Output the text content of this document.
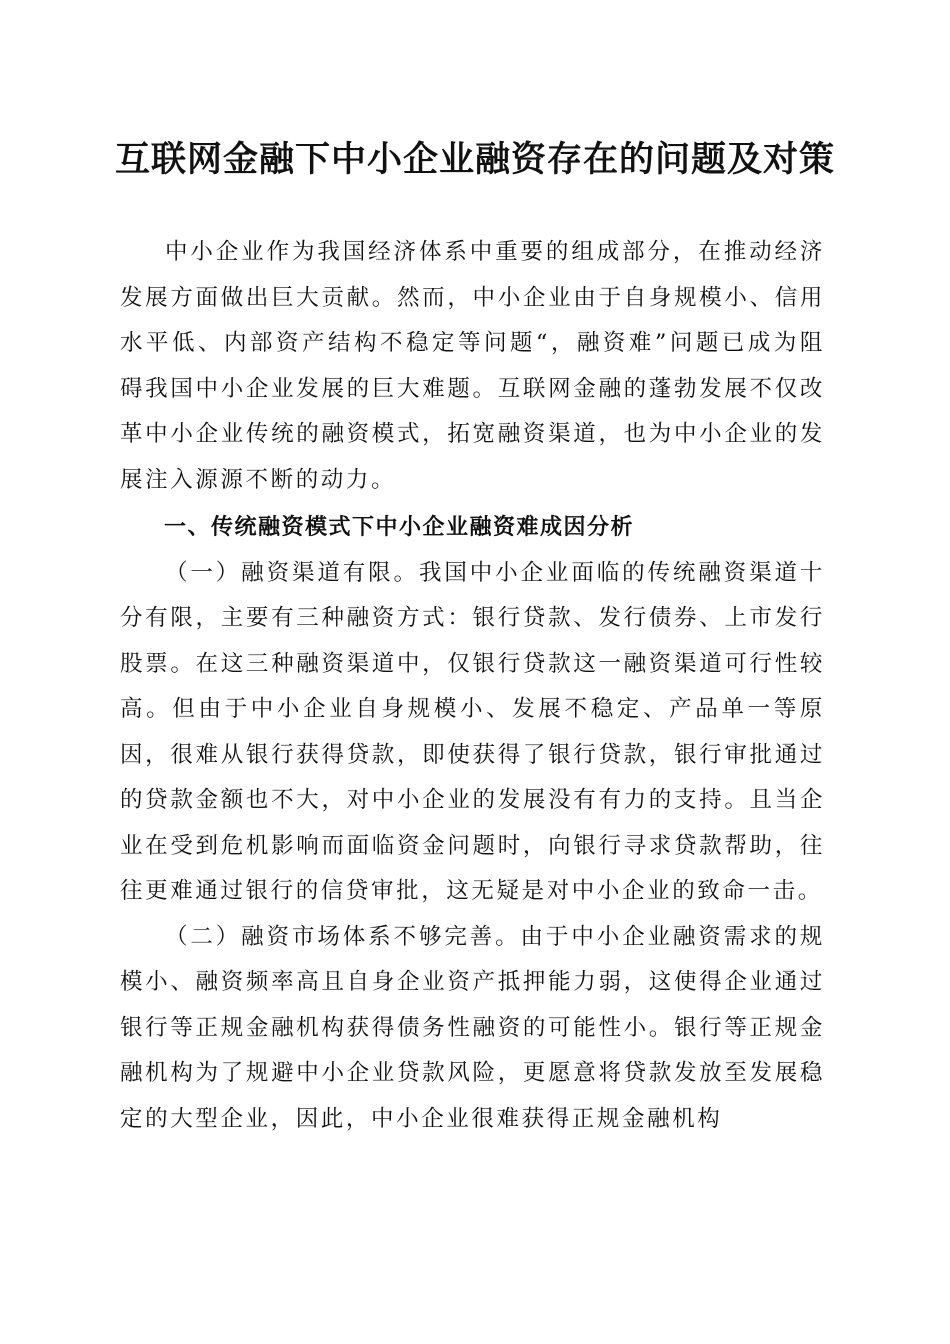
互联网金融下中小企业融资存在的问题及对策

中小企业作为我国经济体系中重要的组成部分，在推动经济发展方面做出巨大贡献。然而，中小企业由于自身规模小、信用水平低、内部资产结构不稳定等问题“，融资难”问题已成为阻碍我国中小企业发展的巨大难题。互联网金融的蓬勃发展不仅改革中小企业传统的融资模式，拓宽融资渠道，也为中小企业的发展注入源源不断的动力。

一、传统融资模式下中小企业融资难成因分析

（一）融资渠道有限。我国中小企业面临的传统融资渠道十分有限，主要有三种融资方式：银行贷款、发行债券、上市发行股票。在这三种融资渠道中，仅银行贷款这一融资渠道可行性较高。但由于中小企业自身规模小、发展不稳定、产品单一等原因，很难从银行获得贷款，即使获得了银行贷款，银行审批通过的贷款金额也不大，对中小企业的发展没有有力的支持。且当企业在受到危机影响而面临资金问题时，向银行寻求贷款帮助，往往更难通过银行的信贷审批，这无疑是对中小企业的致命一击。

（二）融资市场体系不够完善。由于中小企业融资需求的规模小、融资频率高且自身企业资产抵押能力弱，这使得企业通过银行等正规金融机构获得债务性融资的可能性小。银行等正规金融机构为了规避中小企业贷款风险，更愿意将贷款发放至发展稳定的大型企业，因此，中小企业很难获得正规金融机构
